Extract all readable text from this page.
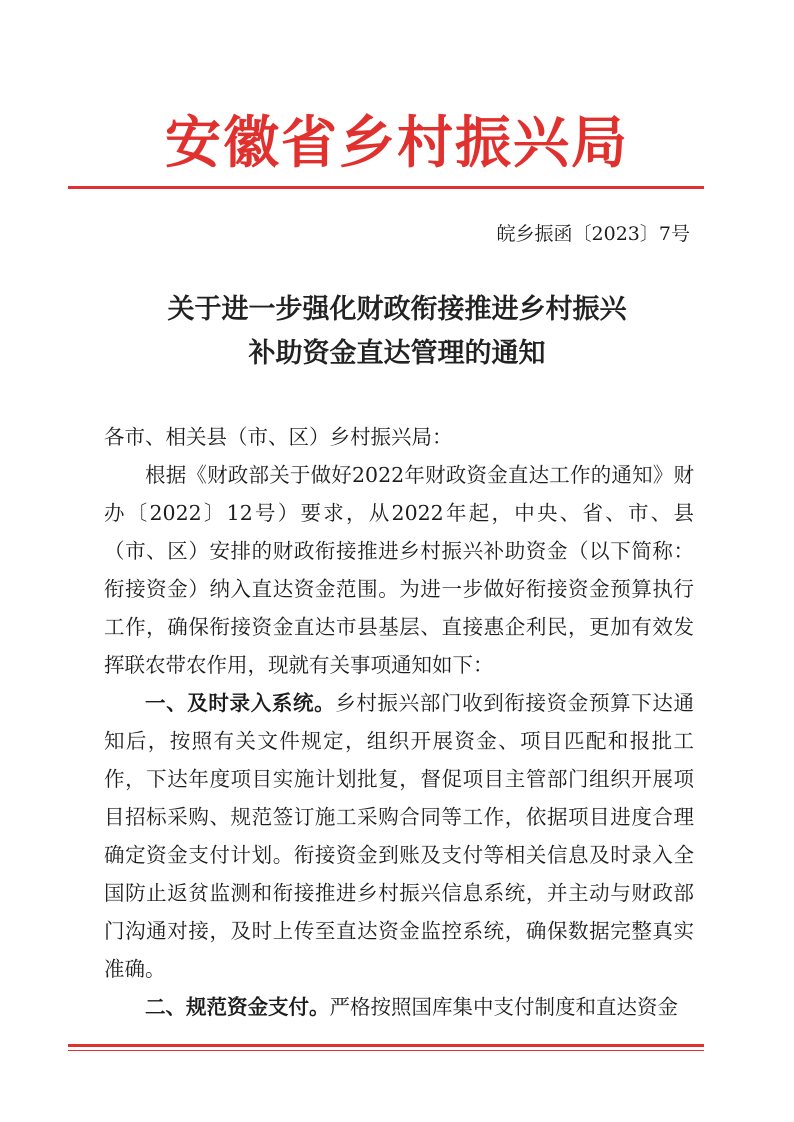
安徽省乡村振兴局
皖乡振函〔2023〕7号
关于进一步强化财政衔接推进乡村振兴
补助资金直达管理的通知

各市、相关县（市、区）乡村振兴局：

根据《财政部关于做好2022年财政资金直达工作的通知》财办〔2022〕12号）要求，从2022年起，中央、省、市、县（市、区）安排的财政衔接推进乡村振兴补助资金（以下简称：衔接资金）纳入直达资金范围。为进一步做好衔接资金预算执行工作，确保衔接资金直达市县基层、直接惠企利民，更加有效发挥联农带农作用，现就有关事项通知如下：

一、及时录入系统。乡村振兴部门收到衔接资金预算下达通知后，按照有关文件规定，组织开展资金、项目匹配和报批工作，下达年度项目实施计划批复，督促项目主管部门组织开展项目招标采购、规范签订施工采购合同等工作，依据项目进度合理确定资金支付计划。衔接资金到账及支付等相关信息及时录入全国防止返贫监测和衔接推进乡村振兴信息系统，并主动与财政部门沟通对接，及时上传至直达资金监控系统，确保数据完整真实准确。

二、规范资金支付。严格按照国库集中支付制度和直达资金
